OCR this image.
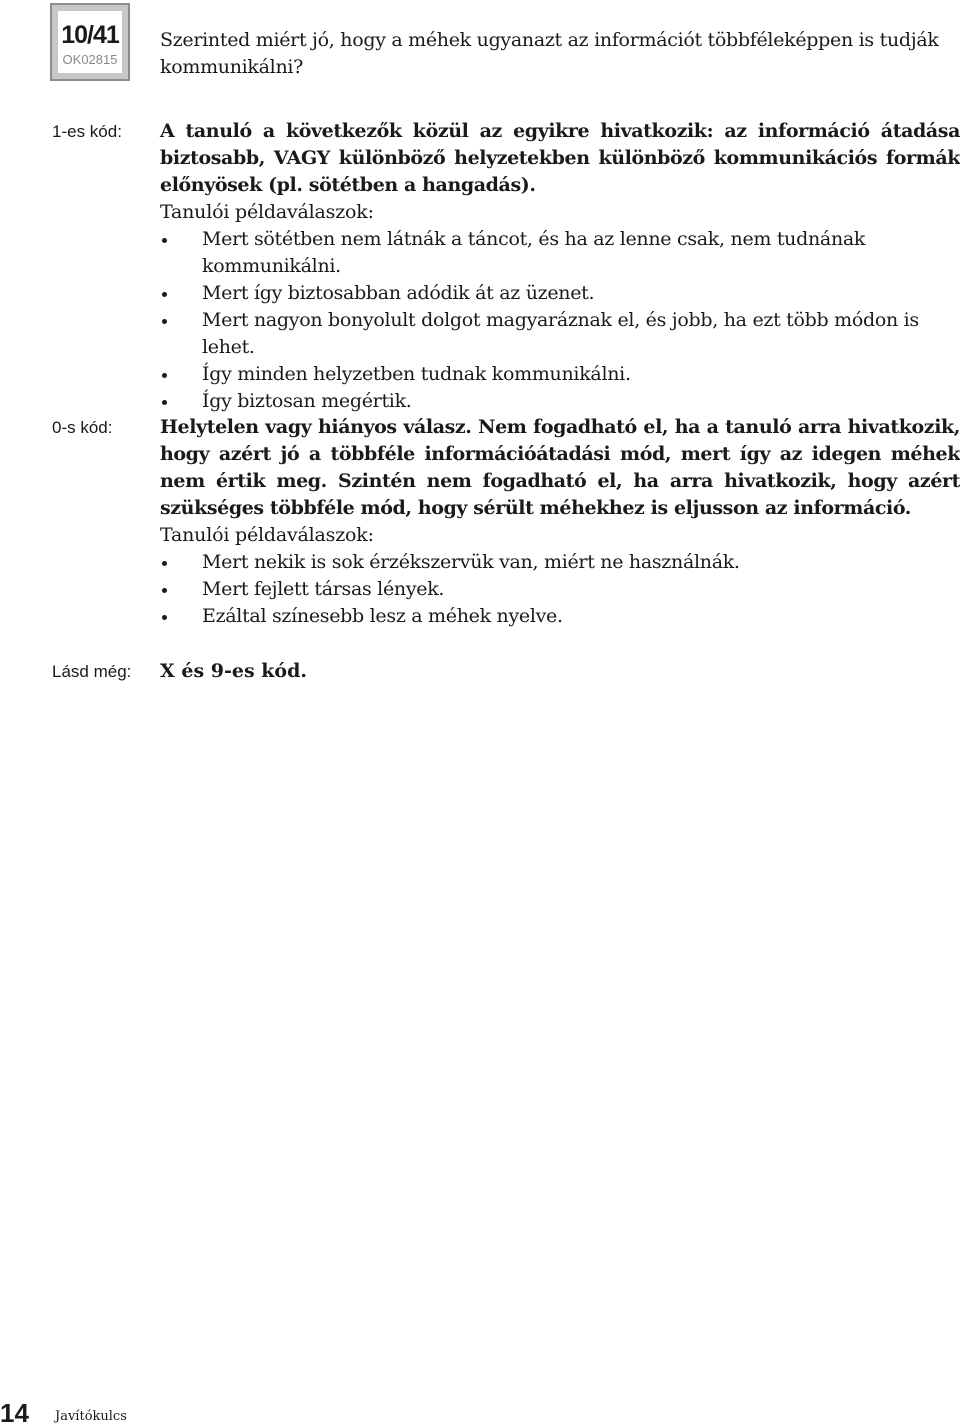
10/41
OK02815

Szerinted miért jó, hogy a méhek ugyanazt az információt többféleképpen is tudják kommunikálni?

1-es kód: A tanuló a következők közül az egyikre hivatkozik: az információ átadása biztosabb, VAGY különböző helyzetekben különböző kommunikációs formák előnyösek (pl. sötétben a hangadás).

Tanulói példaválaszok:

Mert sötétben nem látnák a táncot, és ha az lenne csak, nem tudnának kommunikálni.
Mert így biztosabban adódik át az üzenet.
Mert nagyon bonyolult dolgot magyaráznak el, és jobb, ha ezt több módon is lehet.
Így minden helyzetben tudnak kommunikálni.
Így biztosan megértik.
0-s kód:	Helytelen vagy hiányos válasz. Nem fogadható el, ha a tanuló arra hivatkozik, hogy azért jó a többféle információátadási mód, mert így az idegen méhek nem értik meg. Szintén nem fogadható el, ha arra hivatkozik, hogy azért szükséges többféle mód, hogy sérült méhekhez is eljusson az információ.

Tanulói példaválaszok:

Mert nekik is sok érzékszervük van, miért ne használnák.
Mert fejlett társas lények.
Ezáltal színesebb lesz a méhek nyelve.
Lásd még: X és 9-es kód.
14 Javítókulcs
